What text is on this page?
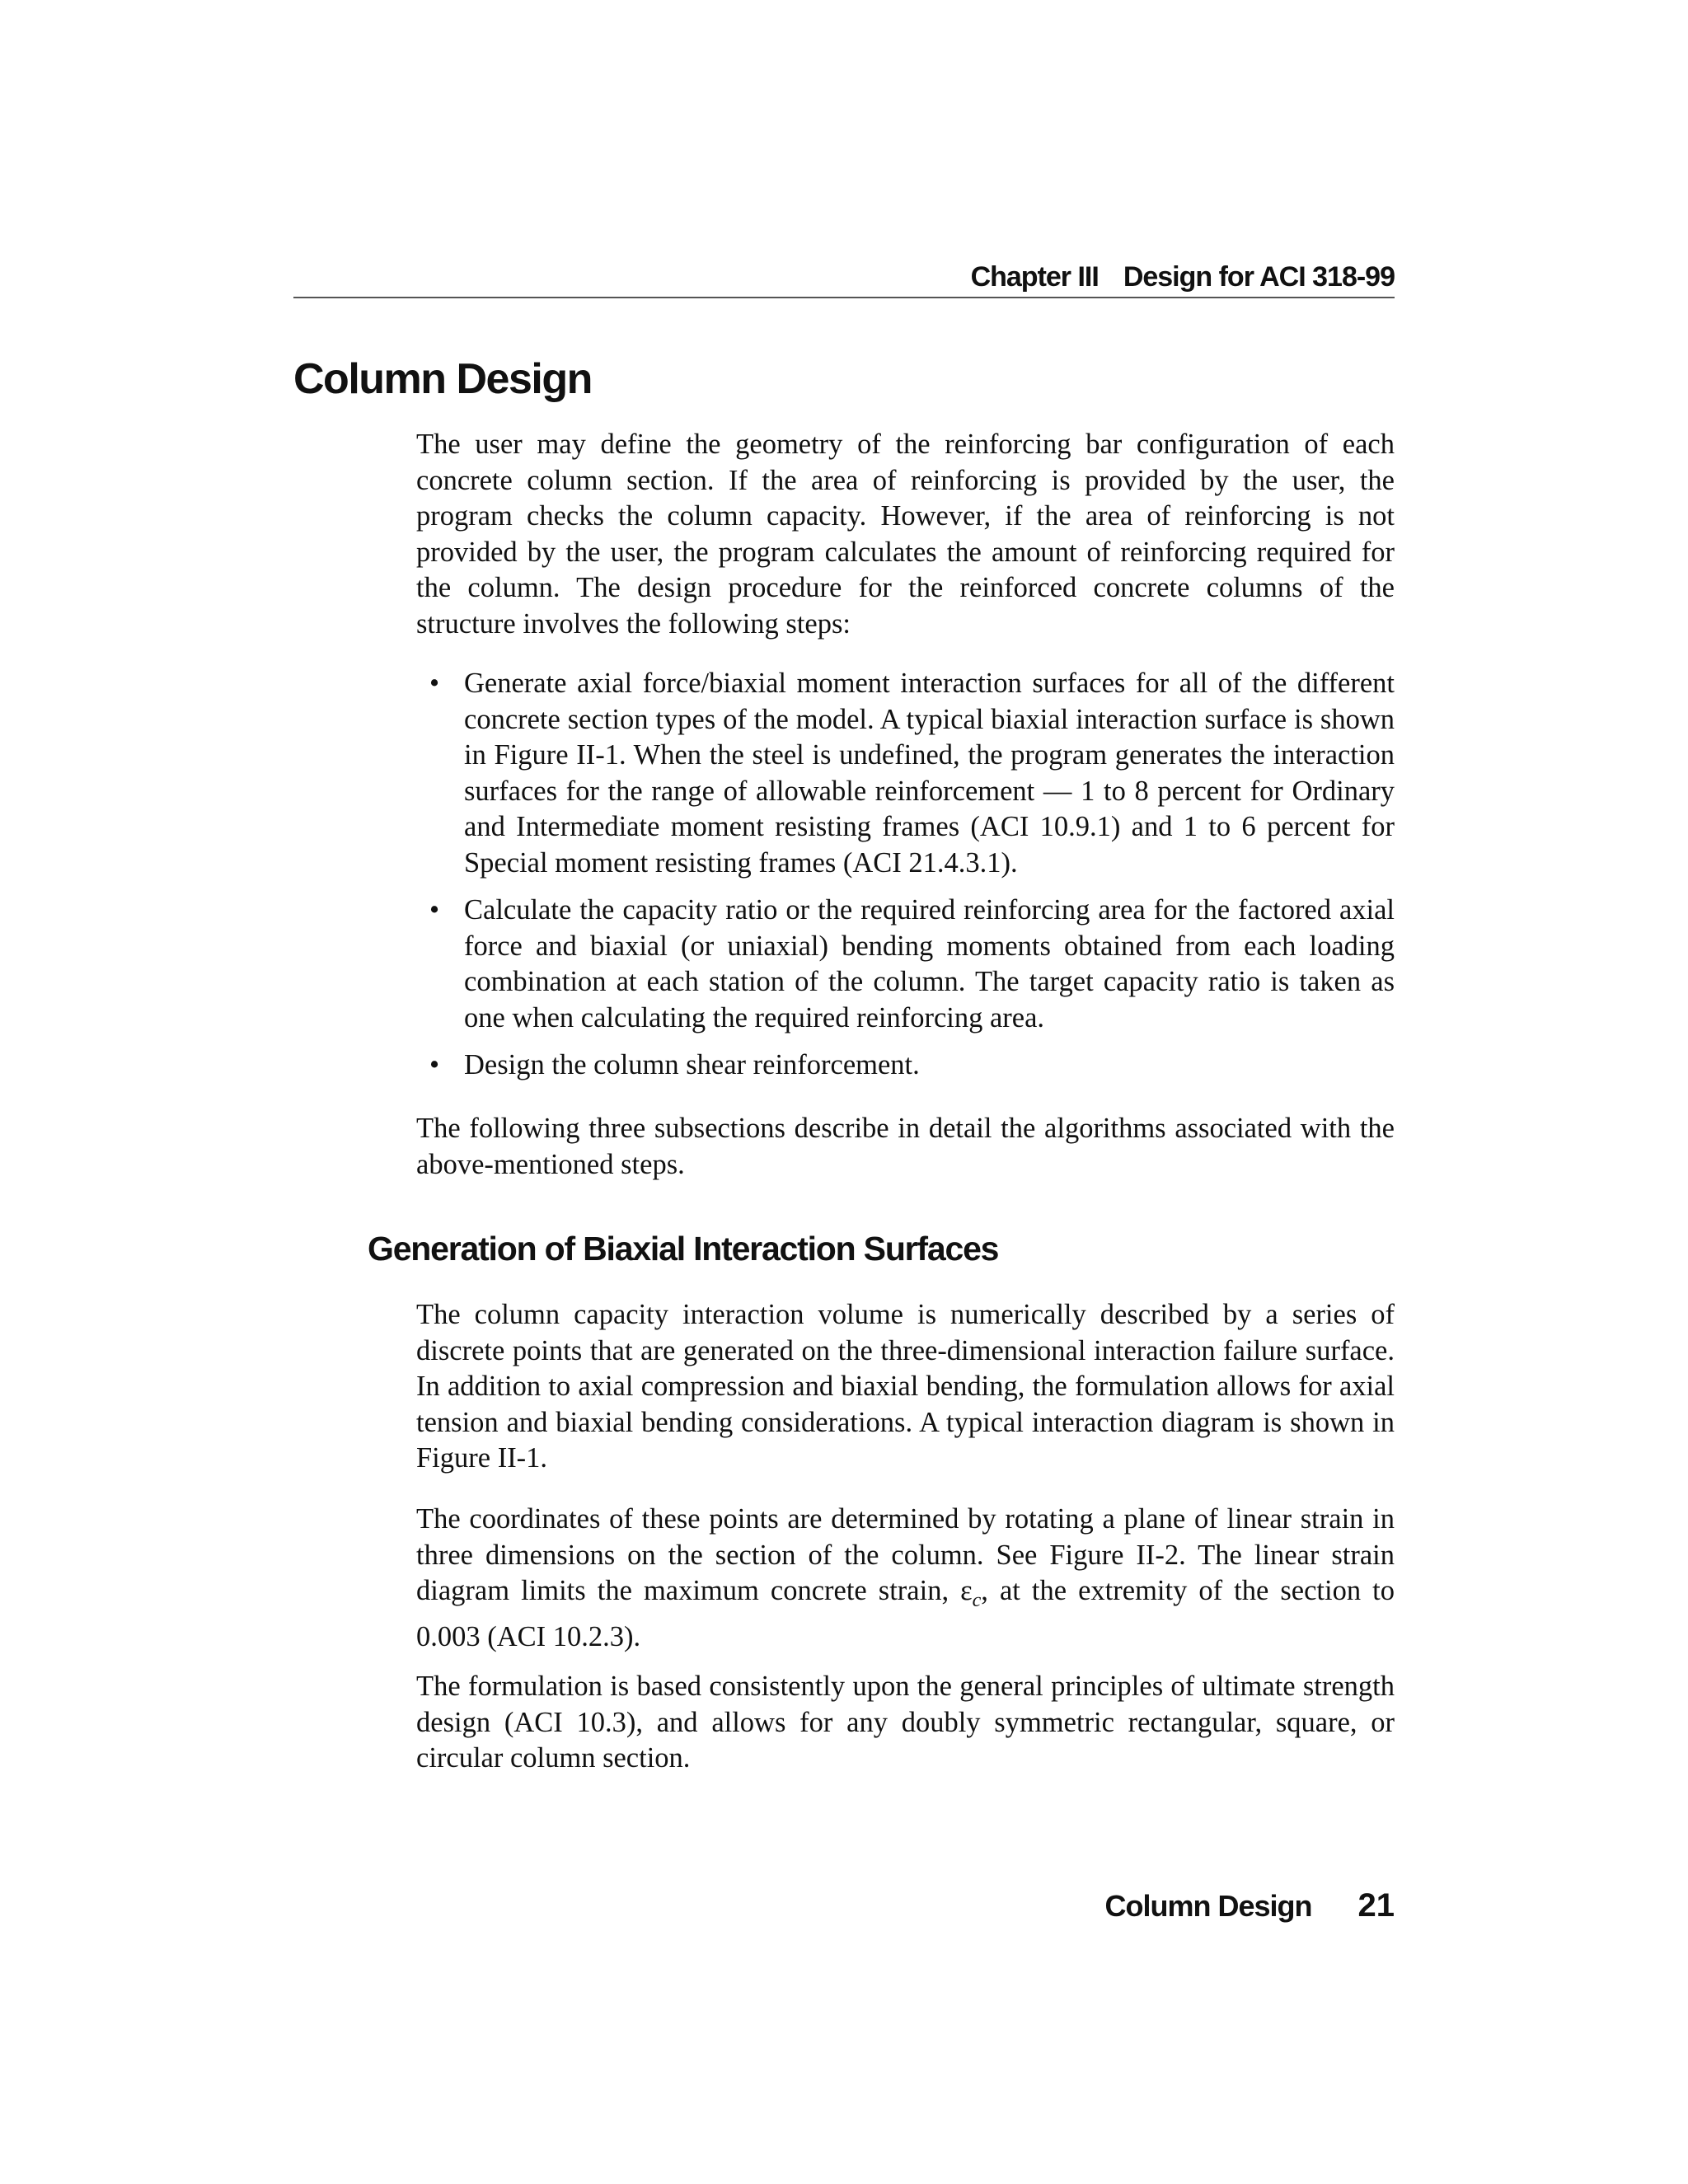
Chapter III Design for ACI 318-99
Column Design

The user may define the geometry of the reinforcing bar configuration of each concrete column section. If the area of reinforcing is provided by the user, the program checks the column capacity. However, if the area of reinforcing is not provided by the user, the program calculates the amount of reinforcing required for the column. The design procedure for the reinforced concrete columns of the structure involves the following steps:

• Generate axial force/biaxial moment interaction surfaces for all of the different concrete section types of the model. A typical biaxial interaction surface is shown in Figure II-1. When the steel is undefined, the program generates the interaction surfaces for the range of allowable reinforcement — 1 to 8 percent for Ordinary and Intermediate moment resisting frames (ACI 10.9.1) and 1 to 6 percent for Special moment resisting frames (ACI 21.4.3.1).
• Calculate the capacity ratio or the required reinforcing area for the factored axial force and biaxial (or uniaxial) bending moments obtained from each loading combination at each station of the column. The target capacity ratio is taken as one when calculating the required reinforcing area.
• Design the column shear reinforcement.

The following three subsections describe in detail the algorithms associated with the above-mentioned steps.

Generation of Biaxial Interaction Surfaces

The column capacity interaction volume is numerically described by a series of discrete points that are generated on the three-dimensional interaction failure surface. In addition to axial compression and biaxial bending, the formulation allows for axial tension and biaxial bending considerations. A typical interaction diagram is shown in Figure II-1.

The coordinates of these points are determined by rotating a plane of linear strain in three dimensions on the section of the column. See Figure II-2. The linear strain diagram limits the maximum concrete strain, $\varepsilon_c$, at the extremity of the section to 0.003 (ACI 10.2.3).

The formulation is based consistently upon the general principles of ultimate strength design (ACI 10.3), and allows for any doubly symmetric rectangular, square, or circular column section.

Column Design 21
